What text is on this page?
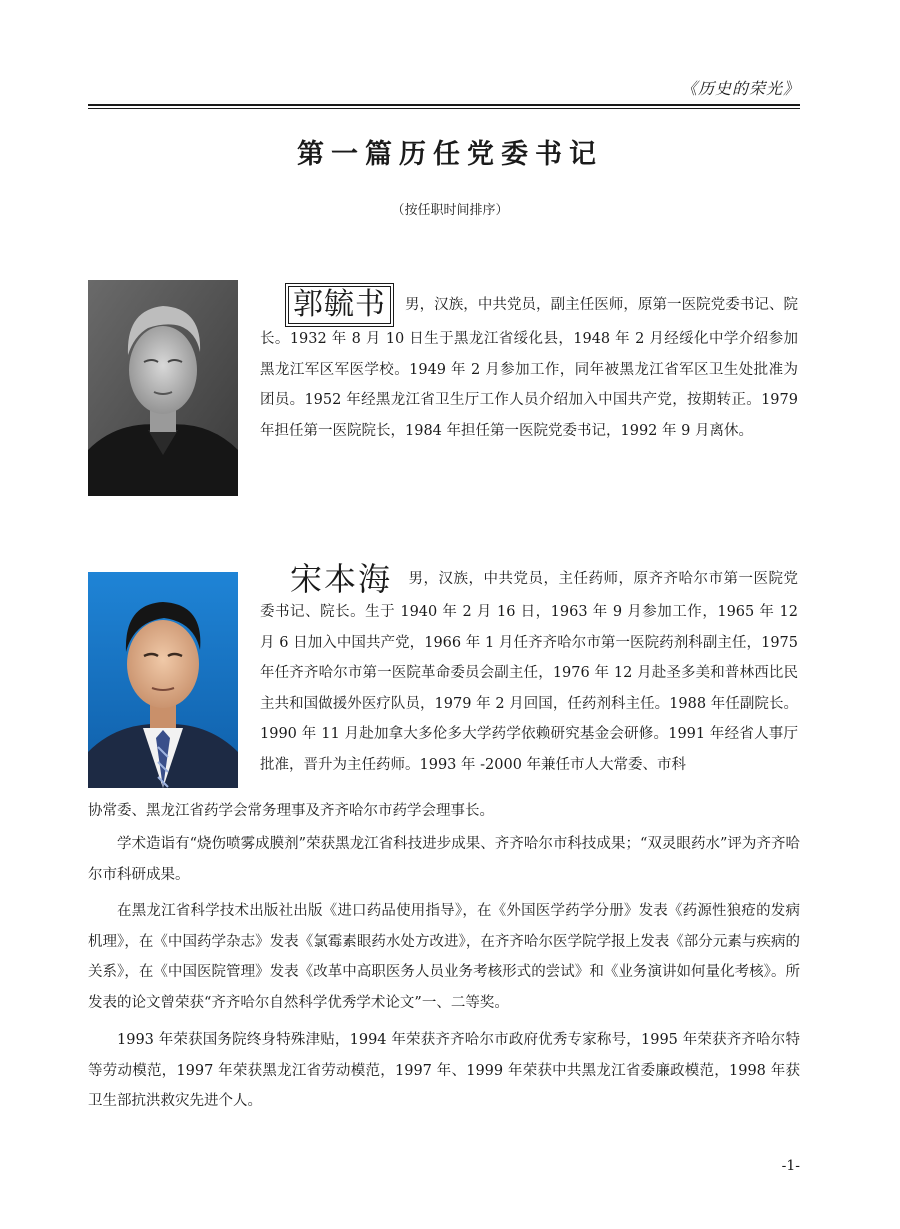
《历史的荣光》
第一篇历任党委书记
（按任职时间排序）
郭毓书 男，汉族，中共党员，副主任医师，原第一医院党委书记、院长。1932 年 8 月 10 日生于黑龙江省绥化县，1948 年 2 月经绥化中学介绍参加黑龙江军区军医学校。1949 年 2 月参加工作，同年被黑龙江省军区卫生处批准为团员。1952 年经黑龙江省卫生厅工作人员介绍加入中国共产党，按期转正。1979 年担任第一医院院长，1984 年担任第一医院党委书记，1992 年 9 月离休。
宋本海 男，汉族，中共党员，主任药师，原齐齐哈尔市第一医院党委书记、院长。生于 1940 年 2 月 16 日，1963 年 9 月参加工作，1965 年 12 月 6 日加入中国共产党，1966 年 1 月任齐齐哈尔市第一医院药剂科副主任，1975 年任齐齐哈尔市第一医院革命委员会副主任，1976 年 12 月赴圣多美和普林西比民主共和国做援外医疗队员，1979 年 2 月回国，任药剂科主任。1988 年任副院长。1990 年 11 月赴加拿大多伦多大学药学依赖研究基金会研修。1991 年经省人事厅批准，晋升为主任药师。1993 年 -2000 年兼任市人大常委、市科
协常委、黑龙江省药学会常务理事及齐齐哈尔市药学会理事长。
学术造诣有“烧伤喷雾成膜剂”荣获黑龙江省科技进步成果、齐齐哈尔市科技成果；“双灵眼药水”评为齐齐哈尔市科研成果。
在黑龙江省科学技术出版社出版《进口药品使用指导》，在《外国医学药学分册》发表《药源性狼疮的发病机理》，在《中国药学杂志》发表《氯霉素眼药水处方改进》，在齐齐哈尔医学院学报上发表《部分元素与疾病的关系》，在《中国医院管理》发表《改革中高职医务人员业务考核形式的尝试》和《业务演讲如何量化考核》。所发表的论文曾荣获“齐齐哈尔自然科学优秀学术论文”一、二等奖。
1993 年荣获国务院终身特殊津贴，1994 年荣获齐齐哈尔市政府优秀专家称号，1995 年荣获齐齐哈尔特等劳动模范，1997 年荣获黑龙江省劳动模范，1997 年、1999 年荣获中共黑龙江省委廉政模范，1998 年获卫生部抗洪救灾先进个人。
-1-
